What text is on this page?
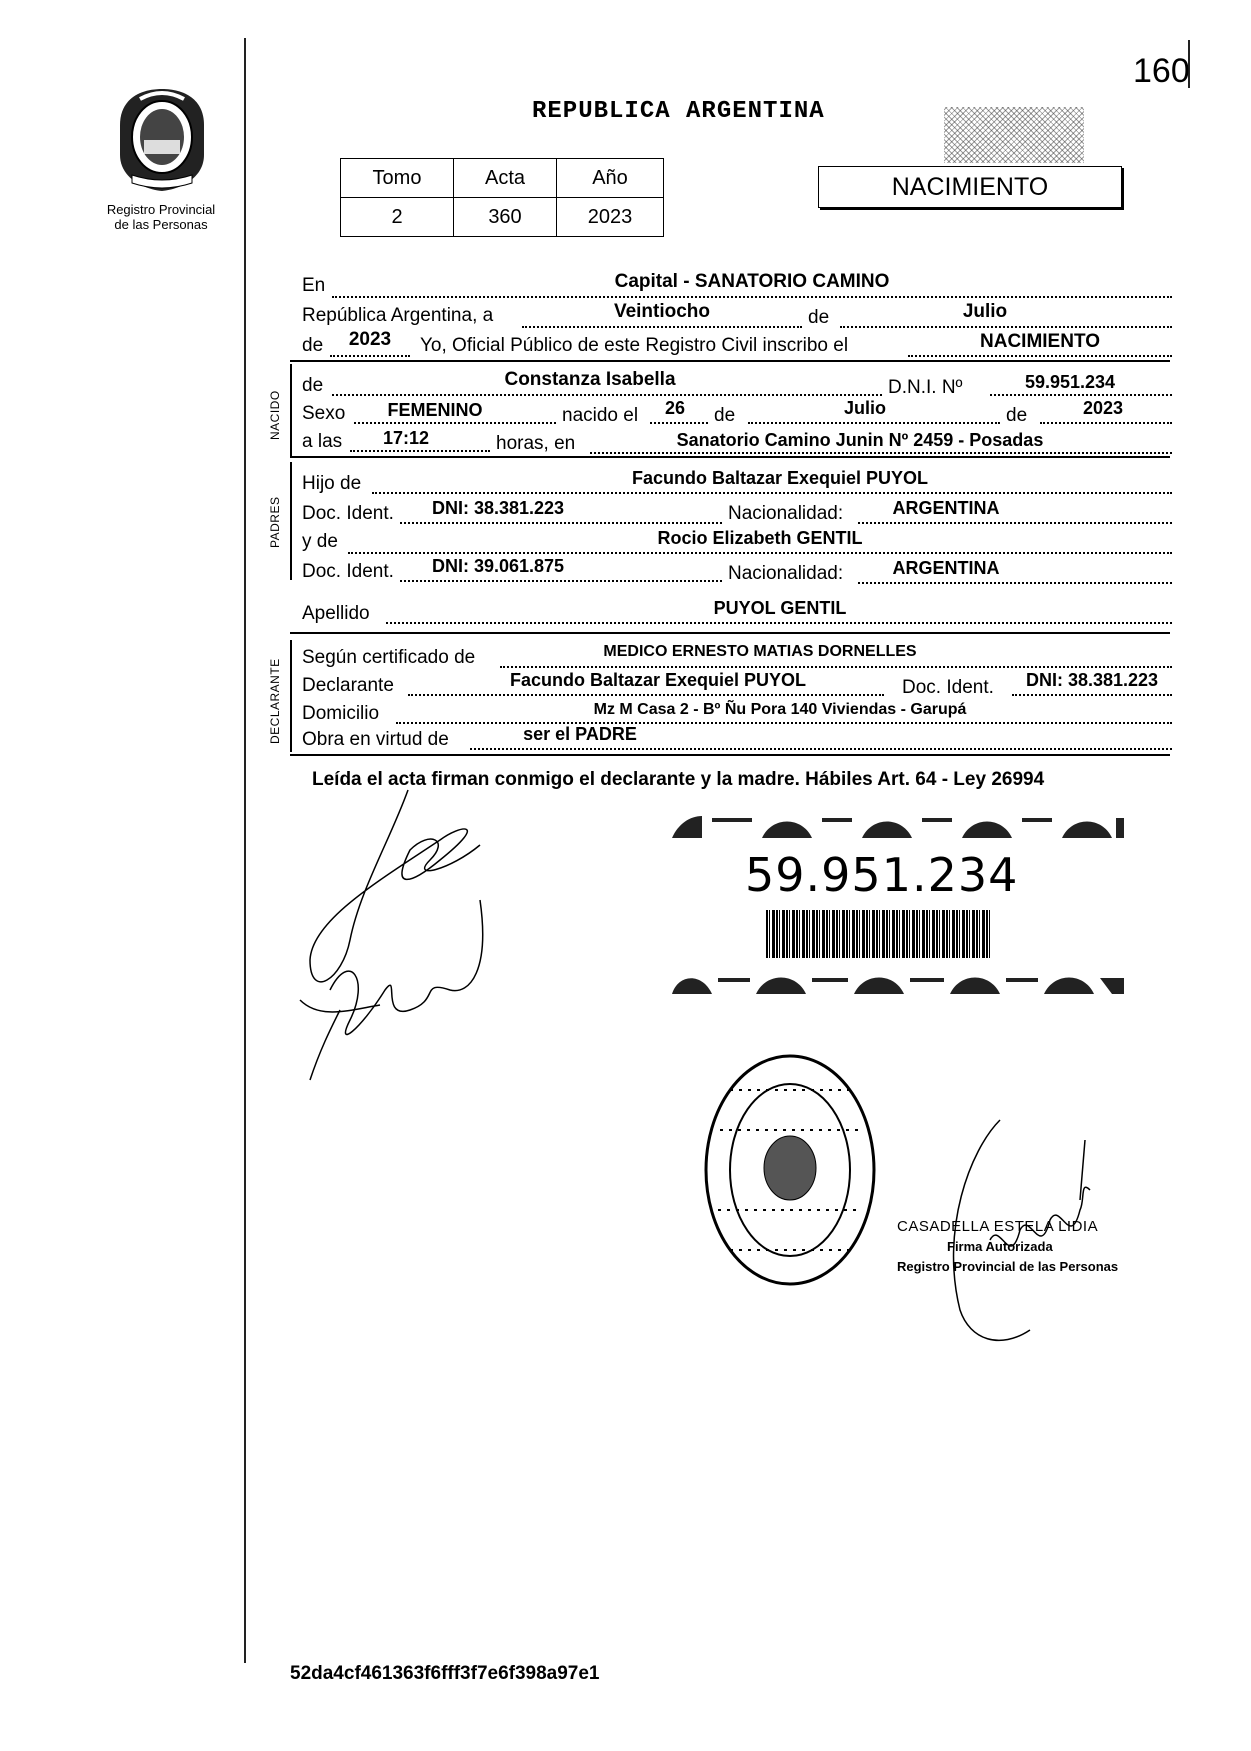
160
Registro Provincial
de las Personas
REPUBLICA ARGENTINA
Tomo	Acta	Año
2	360	2023
NACIMIENTO
En	Capital - SANATORIO CAMINO
República Argentina, a	Veintiocho	de	Julio
de	2023	Yo, Oficial Público de este Registro Civil inscribo el	NACIMIENTO
NACIDO
de	Constanza Isabella	D.N.I. Nº	59.951.234
Sexo	FEMENINO	nacido el	26	de	Julio	de	2023
a las	17:12	horas, en	Sanatorio Camino Junin Nº 2459 - Posadas
PADRES
Hijo de	Facundo Baltazar Exequiel PUYOL
Doc. Ident.	DNI: 38.381.223	Nacionalidad:	ARGENTINA
y de	Rocio Elizabeth GENTIL
Doc. Ident.	DNI: 39.061.875	Nacionalidad:	ARGENTINA
Apellido	PUYOL GENTIL
DECLARANTE
Según certificado de	MEDICO ERNESTO MATIAS DORNELLES
Declarante	Facundo Baltazar Exequiel PUYOL	Doc. Ident.	DNI: 38.381.223
Domicilio	Mz M Casa 2 - Bº Ñu Pora 140 Viviendas - Garupá
Obra en virtud de	ser el PADRE
Leída el acta firman conmigo el declarante y la madre. Hábiles Art. 64 - Ley 26994
59.951.234
CASADELLA ESTELA LIDIA
Firma Autorizada
Registro Provincial de las Personas
52da4cf461363f6fff3f7e6f398a97e1
